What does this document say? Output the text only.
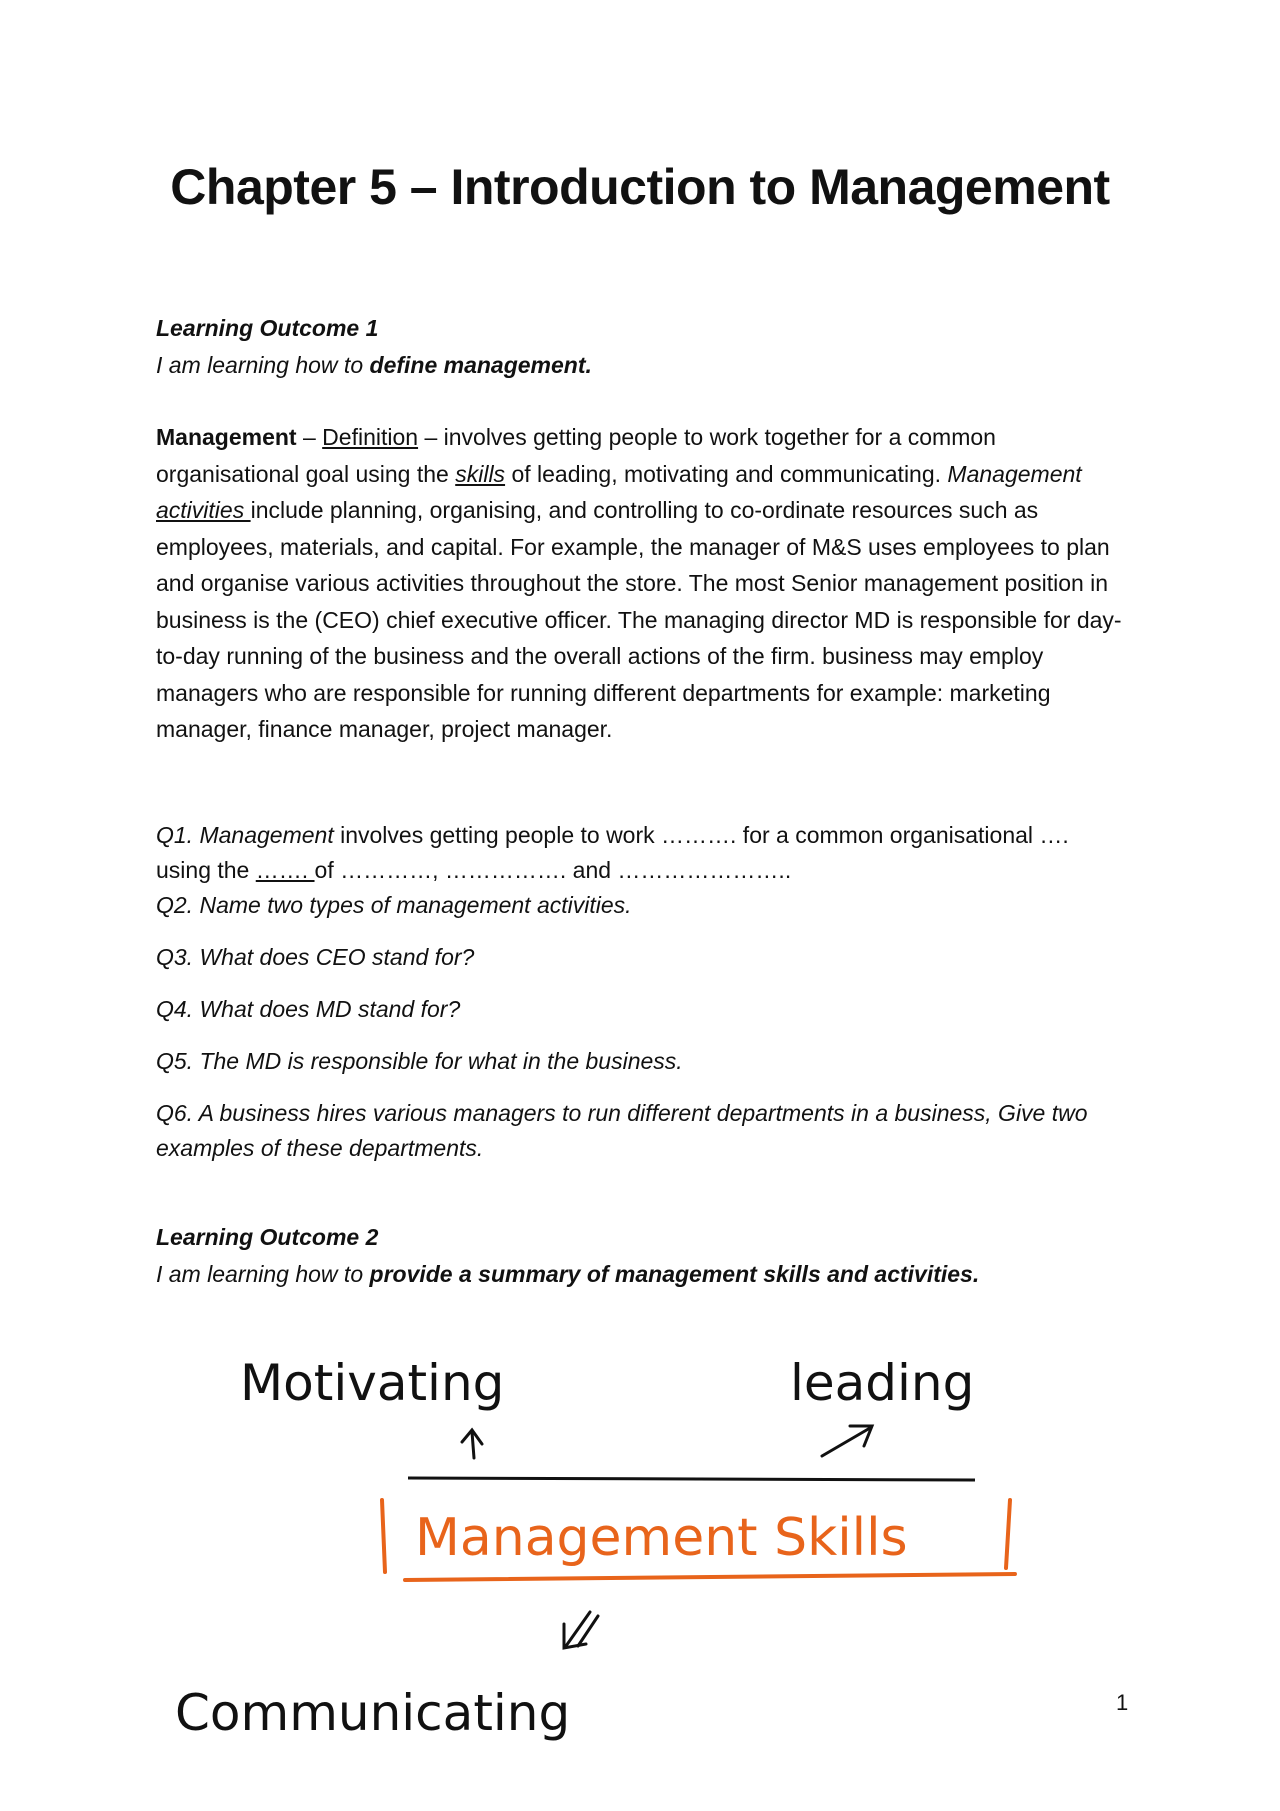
Chapter 5 – Introduction to Management

Learning Outcome 1
I am learning how to define management.

Management – Definition – involves getting people to work together for a common organisational goal using the skills of leading, motivating and communicating. Management activities include planning, organising, and controlling to co-ordinate resources such as employees, materials, and capital. For example, the manager of M&S uses employees to plan and organise various activities throughout the store. The most Senior management position in business is the (CEO) chief executive officer. The managing director MD is responsible for day-to-day running of the business and the overall actions of the firm. business may employ managers who are responsible for running different departments for example: marketing manager, finance manager, project manager.

Q1. Management involves getting people to work ………. for a common organisational …. using the ……. of …………, ……………. and …………………..

Q2. Name two types of management activities.

Q3. What does CEO stand for?

Q4. What does MD stand for?

Q5. The MD is responsible for what in the business.

Q6. A business hires various managers to run different departments in a business, Give two examples of these departments.

Learning Outcome 2
I am learning how to provide a summary of management skills and activities.

Motivating	leading
Management Skills
Communicating	1
